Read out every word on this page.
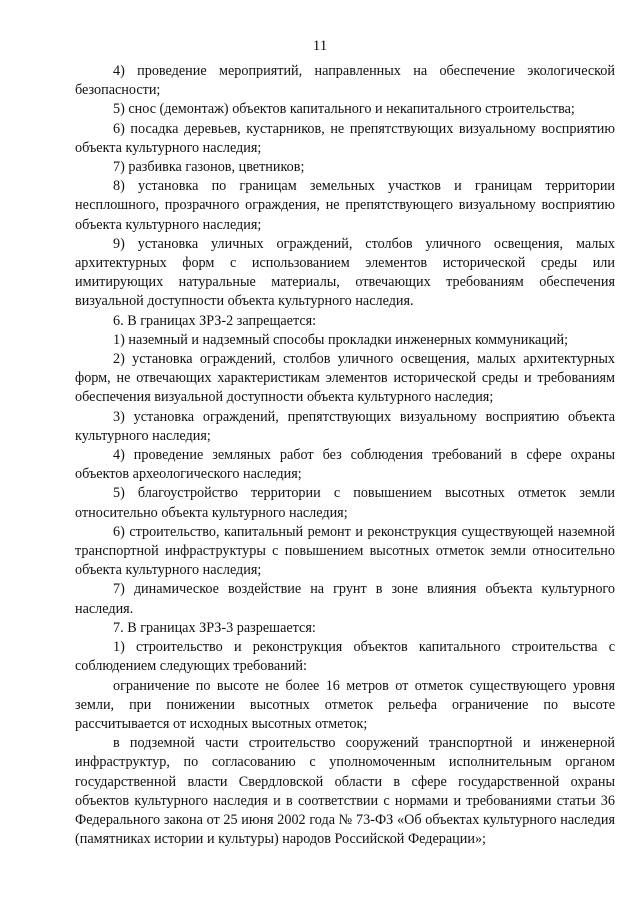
11

4) проведение мероприятий, направленных на обеспечение экологической безопасности;

5) снос (демонтаж) объектов капитального и некапитального строительства;

6) посадка деревьев, кустарников, не препятствующих визуальному восприятию объекта культурного наследия;

7) разбивка газонов, цветников;

8) установка по границам земельных участков и границам территории несплошного, прозрачного ограждения, не препятствующего визуальному восприятию объекта культурного наследия;

9) установка уличных ограждений, столбов уличного освещения, малых архитектурных форм с использованием элементов исторической среды или имитирующих натуральные материалы, отвечающих требованиям обеспечения визуальной доступности объекта культурного наследия.

6. В границах ЗРЗ-2 запрещается:

1) наземный и надземный способы прокладки инженерных коммуникаций;

2) установка ограждений, столбов уличного освещения, малых архитектурных форм, не отвечающих характеристикам элементов исторической среды и требованиям обеспечения визуальной доступности объекта культурного наследия;

3) установка ограждений, препятствующих визуальному восприятию объекта культурного наследия;

4) проведение земляных работ без соблюдения требований в сфере охраны объектов археологического наследия;

5) благоустройство территории с повышением высотных отметок земли относительно объекта культурного наследия;

6) строительство, капитальный ремонт и реконструкция существующей наземной транспортной инфраструктуры с повышением высотных отметок земли относительно объекта культурного наследия;

7) динамическое воздействие на грунт в зоне влияния объекта культурного наследия.

7. В границах ЗРЗ-3 разрешается:

1) строительство и реконструкция объектов капитального строительства с соблюдением следующих требований:

ограничение по высоте не более 16 метров от отметок существующего уровня земли, при понижении высотных отметок рельефа ограничение по высоте рассчитывается от исходных высотных отметок;

в подземной части строительство сооружений транспортной и инженерной инфраструктур, по согласованию с уполномоченным исполнительным органом государственной власти Свердловской области в сфере государственной охраны объектов культурного наследия и в соответствии с нормами и требованиями статьи 36 Федерального закона от 25 июня 2002 года № 73-ФЗ «Об объектах культурного наследия (памятниках истории и культуры) народов Российской Федерации»;
